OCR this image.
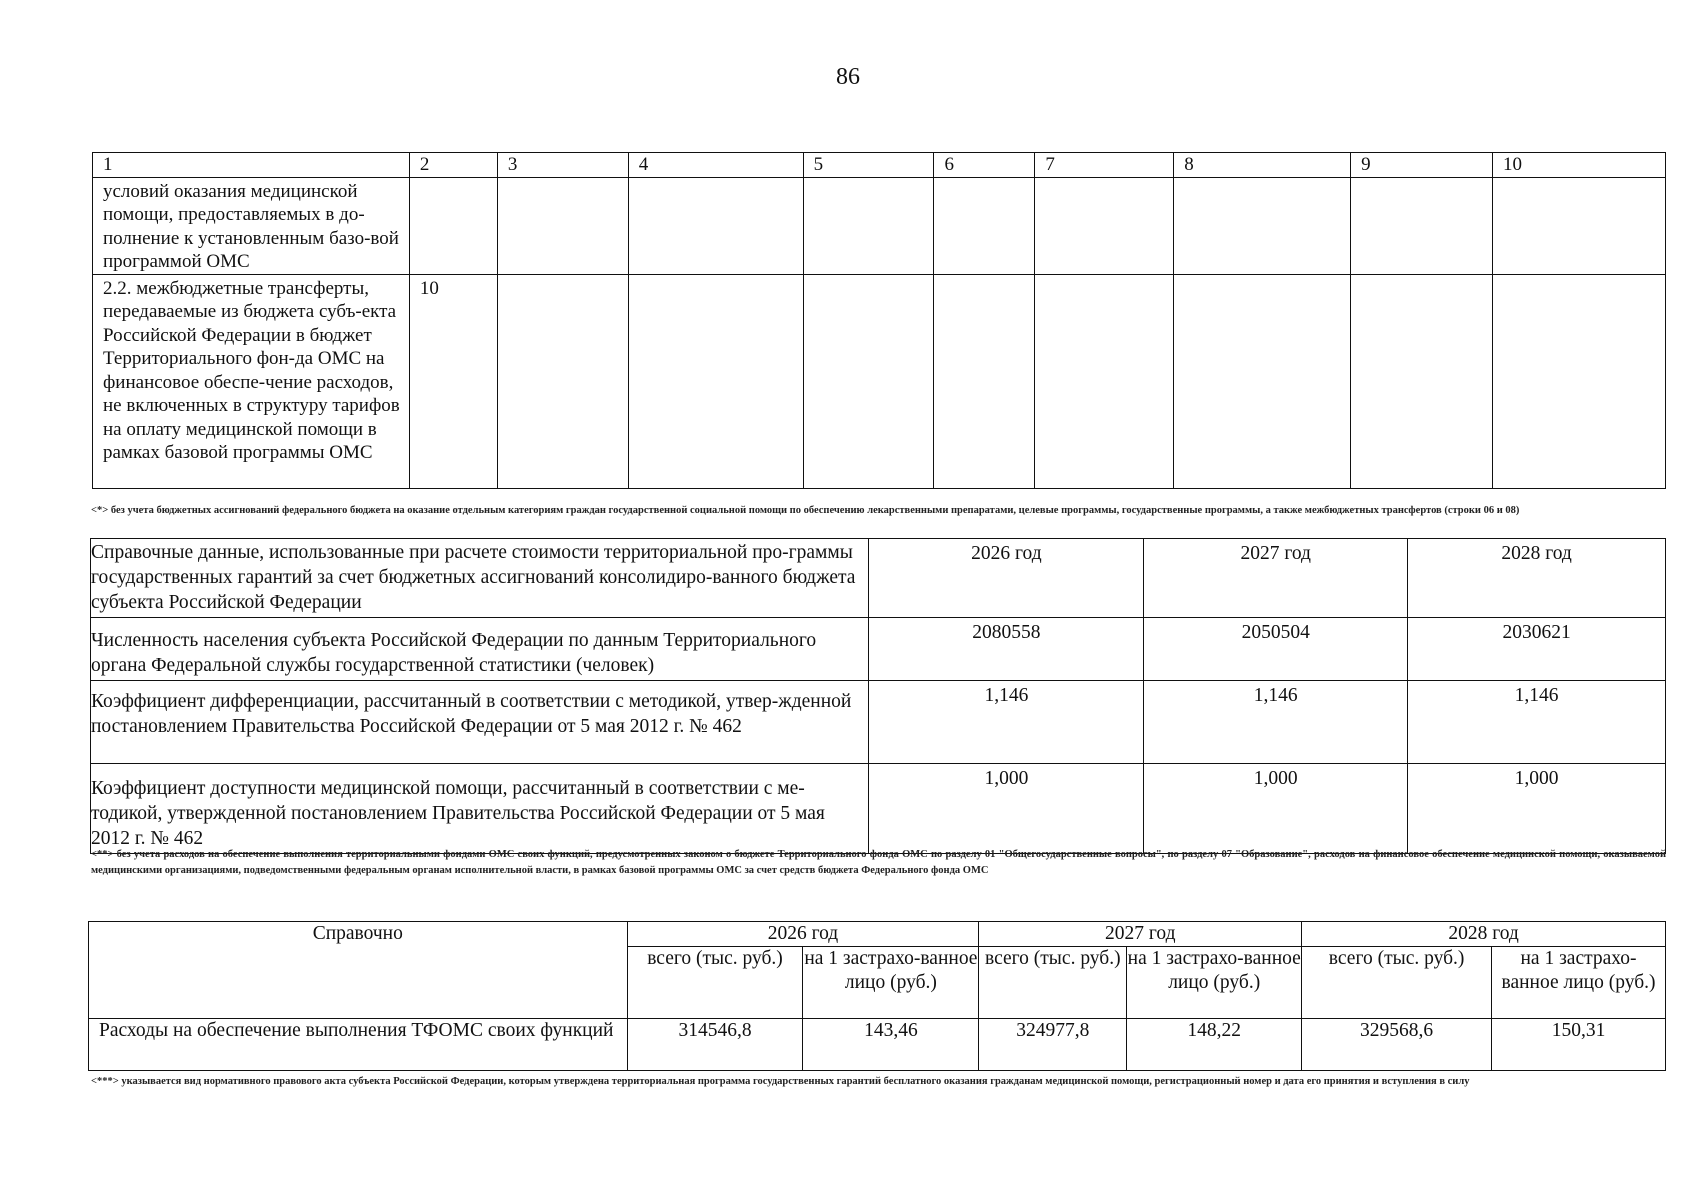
86
1	2	3	4	5	6	7	8	9	10
условий оказания медицинской помощи, предоставляемых в до-полнение к установленным базо-вой программой ОМС									
2.2. межбюджетные трансферты, передаваемые из бюджета субъ-екта Российской Федерации в бюджет Территориального фон-да ОМС на финансовое обеспе-чение расходов, не включенных в структуру тарифов на оплату медицинской помощи в рамках базовой программы ОМС	10								
<*> без учета бюджетных ассигнований федерального бюджета на оказание отдельным категориям граждан государственной социальной помощи по обеспечению лекарственными препаратами, целевые программы, государственные программы, а также межбюджетных трансфертов (строки 06 и 08)
Справочные данные, использованные при расчете стоимости территориальной про-граммы государственных гарантий за счет бюджетных ассигнований консолидиро-ванного бюджета субъекта Российской Федерации	2026 год	2027 год	2028 год
Численность населения субъекта Российской Федерации по данным Территориального органа Федеральной службы государственной статистики (человек)	2080558	2050504	2030621
Коэффициент дифференциации, рассчитанный в соответствии с методикой, утвер-жденной постановлением Правительства Российской Федерации от 5 мая 2012 г. № 462	1,146	1,146	1,146
Коэффициент доступности медицинской помощи, рассчитанный в соответствии с ме-тодикой, утвержденной постановлением Правительства Российской Федерации от 5 мая 2012 г. № 462	1,000	1,000	1,000
<**> без учета расходов на обеспечение выполнения территориальными фондами ОМС своих функций, предусмотренных законом о бюджете Территориального фонда ОМС по разделу 01 "Общегосударственные вопросы", по разделу 07 "Образование", расходов на финансовое обеспечение медицинской помощи, оказываемой медицинскими организациями, подведомственными федеральным органам исполнительной власти, в рамках базовой программы ОМС за счет средств бюджета Федерального фонда ОМС
Справочно	2026 год		2027 год		2028 год	
	всего (тыс. руб.)	на 1 застрахо-ванное лицо (руб.)	всего (тыс. руб.)	на 1 застрахо-ванное лицо (руб.)	всего (тыс. руб.)	на 1 застрахо-ванное лицо (руб.)
Расходы на обеспечение выполнения ТФОМС своих функций	314546,8	143,46	324977,8	148,22	329568,6	150,31
<***> указывается вид нормативного правового акта субъекта Российской Федерации, которым утверждена территориальная программа государственных гарантий бесплатного оказания гражданам медицинской помощи, регистрационный номер и дата его принятия и вступления в силу
